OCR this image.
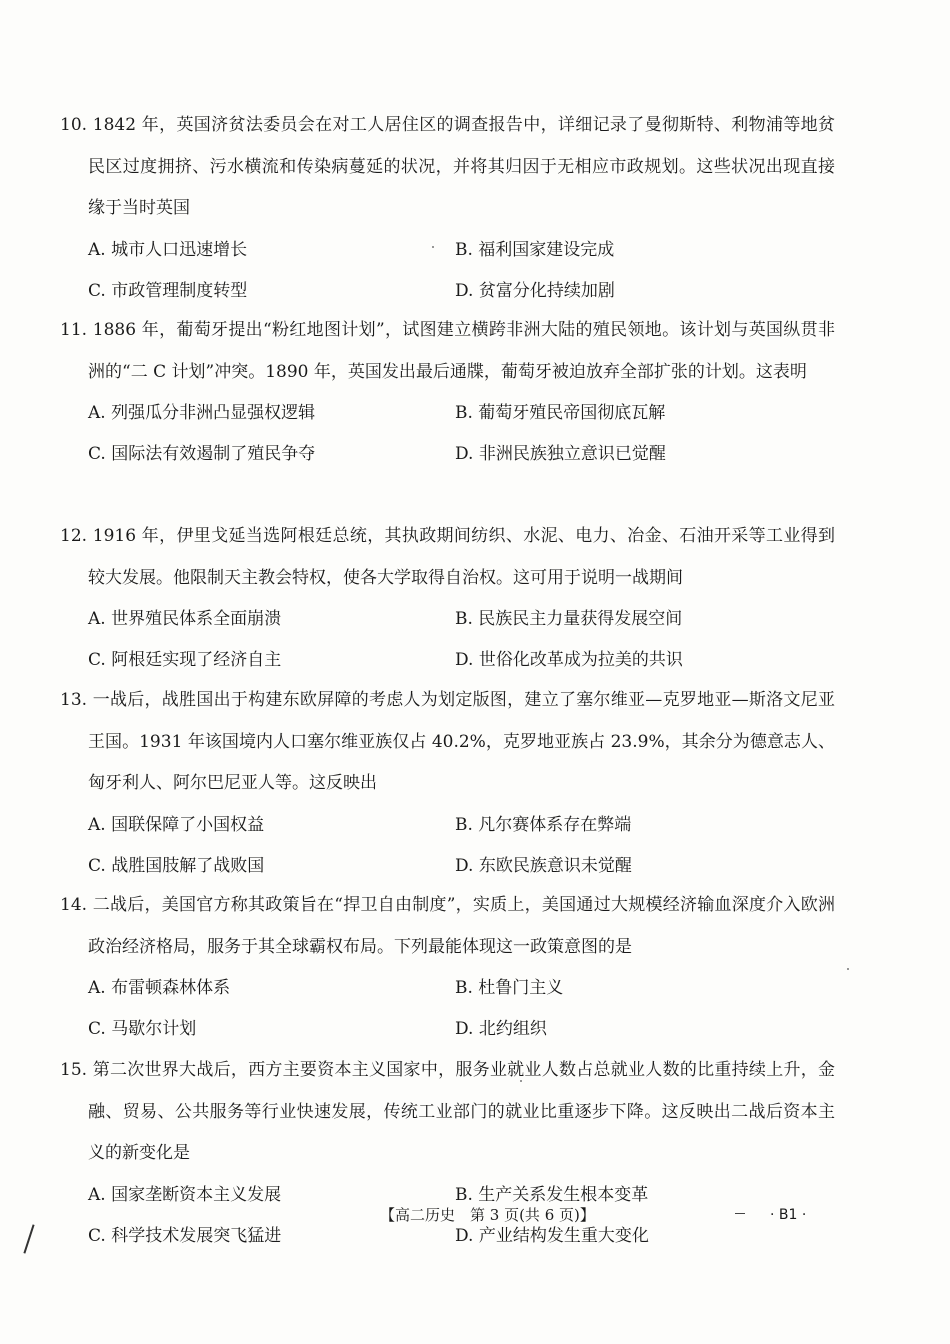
10. 1842 年，英国济贫法委员会在对工人居住区的调查报告中，详细记录了曼彻斯特、利物浦等地贫民区过度拥挤、污水横流和传染病蔓延的状况，并将其归因于无相应市政规划。这些状况出现直接缘于当时英国

A. 城市人口迅速增长	B. 福利国家建设完成
C. 市政管理制度转型	D. 贫富分化持续加剧

11. 1886 年，葡萄牙提出“粉红地图计划”，试图建立横跨非洲大陆的殖民领地。该计划与英国纵贯非洲的“二 C 计划”冲突。1890 年，英国发出最后通牒，葡萄牙被迫放弃全部扩张的计划。这表明

A. 列强瓜分非洲凸显强权逻辑	B. 葡萄牙殖民帝国彻底瓦解
C. 国际法有效遏制了殖民争夺	D. 非洲民族独立意识已觉醒

12. 1916 年，伊里戈延当选阿根廷总统，其执政期间纺织、水泥、电力、冶金、石油开采等工业得到较大发展。他限制天主教会特权，使各大学取得自治权。这可用于说明一战期间

A. 世界殖民体系全面崩溃	B. 民族民主力量获得发展空间
C. 阿根廷实现了经济自主	D. 世俗化改革成为拉美的共识

13. 一战后，战胜国出于构建东欧屏障的考虑人为划定版图，建立了塞尔维亚—克罗地亚—斯洛文尼亚王国。1931 年该国境内人口塞尔维亚族仅占 40.2%，克罗地亚族占 23.9%，其余分为德意志人、匈牙利人、阿尔巴尼亚人等。这反映出

A. 国联保障了小国权益	B. 凡尔赛体系存在弊端
C. 战胜国肢解了战败国	D. 东欧民族意识未觉醒

14. 二战后，美国官方称其政策旨在“捍卫自由制度”，实质上，美国通过大规模经济输血深度介入欧洲政治经济格局，服务于其全球霸权布局。下列最能体现这一政策意图的是

A. 布雷顿森林体系	B. 杜鲁门主义
C. 马歇尔计划	D. 北约组织

15. 第二次世界大战后，西方主要资本主义国家中，服务业就业人数占总就业人数的比重持续上升，金融、贸易、公共服务等行业快速发展，传统工业部门的就业比重逐步下降。这反映出二战后资本主义的新变化是

A. 国家垄断资本主义发展	B. 生产关系发生根本变革
C. 科学技术发展突飞猛进	D. 产业结构发生重大变化
【高二历史　第 3 页(共 6 页)】	· B1 ·
